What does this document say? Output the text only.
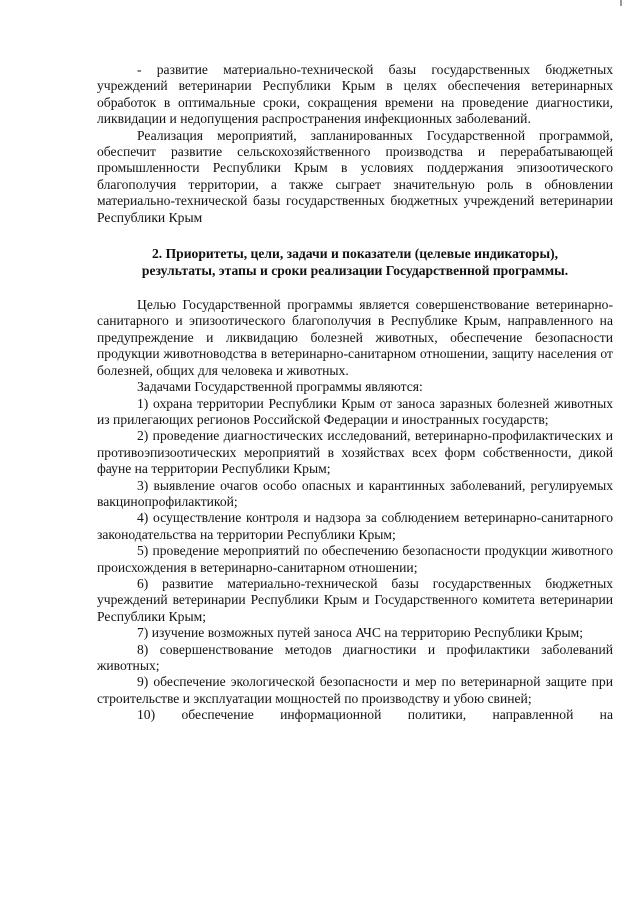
- развитие материально-технической базы государственных бюджетных учреждений ветеринарии Республики Крым в целях обеспечения ветеринарных обработок в оптимальные сроки, сокращения времени на проведение диагностики, ликвидации и недопущения распространения инфекционных заболеваний.

Реализация мероприятий, запланированных Государственной программой, обеспечит развитие сельскохозяйственного производства и перерабатывающей промышленности Республики Крым в условиях поддержания эпизоотического благополучия территории, а также сыграет значительную роль в обновлении материально-технической базы государственных бюджетных учреждений ветеринарии Республики Крым

2. Приоритеты, цели, задачи и показатели (целевые индикаторы),
результаты, этапы и сроки реализации Государственной программы.

Целью Государственной программы является совершенствование ветеринарно-санитарного и эпизоотического благополучия в Республике Крым, направленного на предупреждение и ликвидацию болезней животных, обеспечение безопасности продукции животноводства в ветеринарно-санитарном отношении, защиту населения от болезней, общих для человека и животных.

Задачами Государственной программы являются:

1) охрана территории Республики Крым от заноса заразных болезней животных из прилегающих регионов Российской Федерации и иностранных государств;

2) проведение диагностических исследований, ветеринарно-профилактических и противоэпизоотических мероприятий в хозяйствах всех форм собственности, дикой фауне на территории Республики Крым;

3) выявление очагов особо опасных и карантинных заболеваний, регулируемых вакцинопрофилактикой;

4) осуществление контроля и надзора за соблюдением ветеринарно-санитарного законодательства на территории Республики Крым;

5) проведение мероприятий по обеспечению безопасности продукции животного происхождения в ветеринарно-санитарном отношении;

6) развитие материально-технической базы государственных бюджетных учреждений ветеринарии Республики Крым и Государственного комитета ветеринарии Республики Крым;

7) изучение возможных путей заноса АЧС на территорию Республики Крым;

8) совершенствование методов диагностики и профилактики заболеваний животных;

9) обеспечение экологической безопасности и мер по ветеринарной защите при строительстве и эксплуатации мощностей по производству и убою свиней;

10) обеспечение информационной политики, направленной на
